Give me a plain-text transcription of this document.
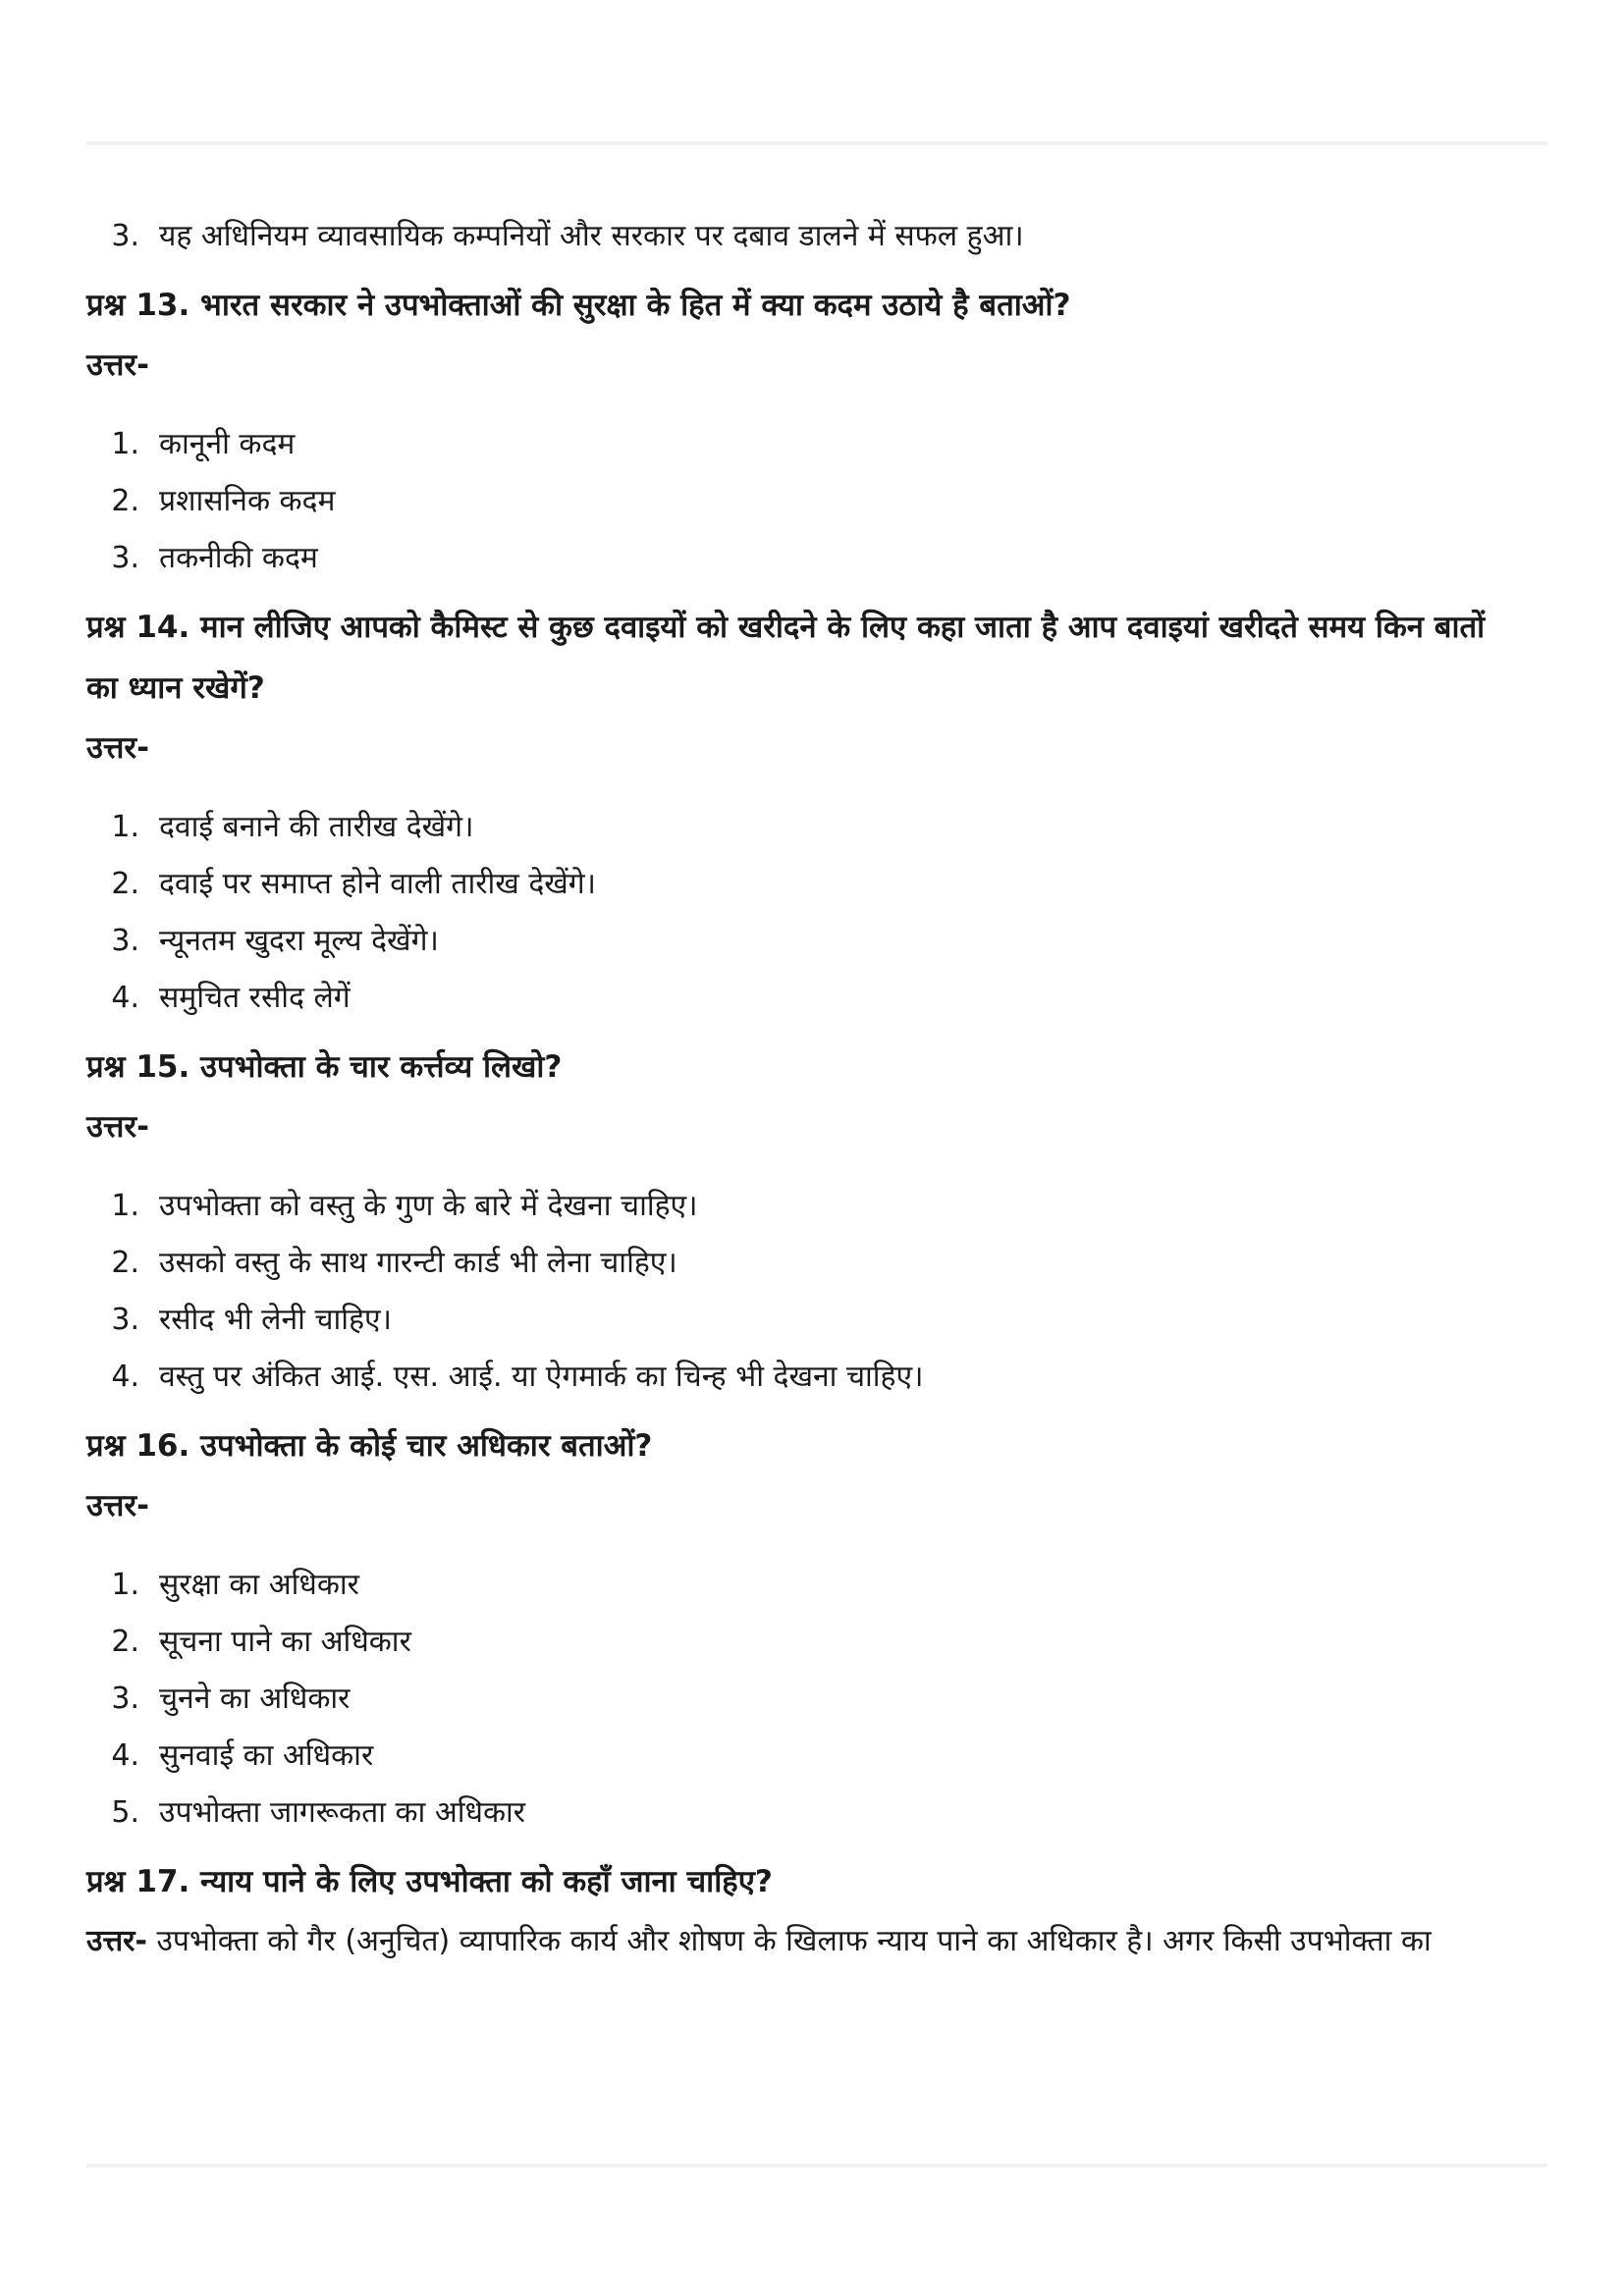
3. यह अधिनियम व्यावसायिक कम्पनियों और सरकार पर दबाव डालने में सफल हुआ।
प्रश्न 13. भारत सरकार ने उपभोक्ताओं की सुरक्षा के हित में क्या कदम उठाये है बताओं?
उत्तर-
1. कानूनी कदम
2. प्रशासनिक कदम
3. तकनीकी कदम
प्रश्न 14. मान लीजिए आपको कैमिस्ट से कुछ दवाइयों को खरीदने के लिए कहा जाता है आप दवाइयां खरीदते समय किन बातों
का ध्यान रखेगें?
उत्तर-
1. दवाई बनाने की तारीख देखेंगे।
2. दवाई पर समाप्त होने वाली तारीख देखेंगे।
3. न्यूनतम खुदरा मूल्य देखेंगे।
4. समुचित रसीद लेगें
प्रश्न 15. उपभोक्ता के चार कर्त्तव्य लिखो?
उत्तर-
1. उपभोक्ता को वस्तु के गुण के बारे में देखना चाहिए।
2. उसको वस्तु के साथ गारन्टी कार्ड भी लेना चाहिए।
3. रसीद भी लेनी चाहिए।
4. वस्तु पर अंकित आई. एस. आई. या ऐगमार्क का चिन्ह भी देखना चाहिए।
प्रश्न 16. उपभोक्ता के कोई चार अधिकार बताओं?
उत्तर-
1. सुरक्षा का अधिकार
2. सूचना पाने का अधिकार
3. चुनने का अधिकार
4. सुनवाई का अधिकार
5. उपभोक्ता जागरूकता का अधिकार
प्रश्न 17. न्याय पाने के लिए उपभोक्ता को कहाँ जाना चाहिए?
उत्तर- उपभोक्ता को गैर (अनुचित) व्यापारिक कार्य और शोषण के खिलाफ न्याय पाने का अधिकार है। अगर किसी उपभोक्ता का
